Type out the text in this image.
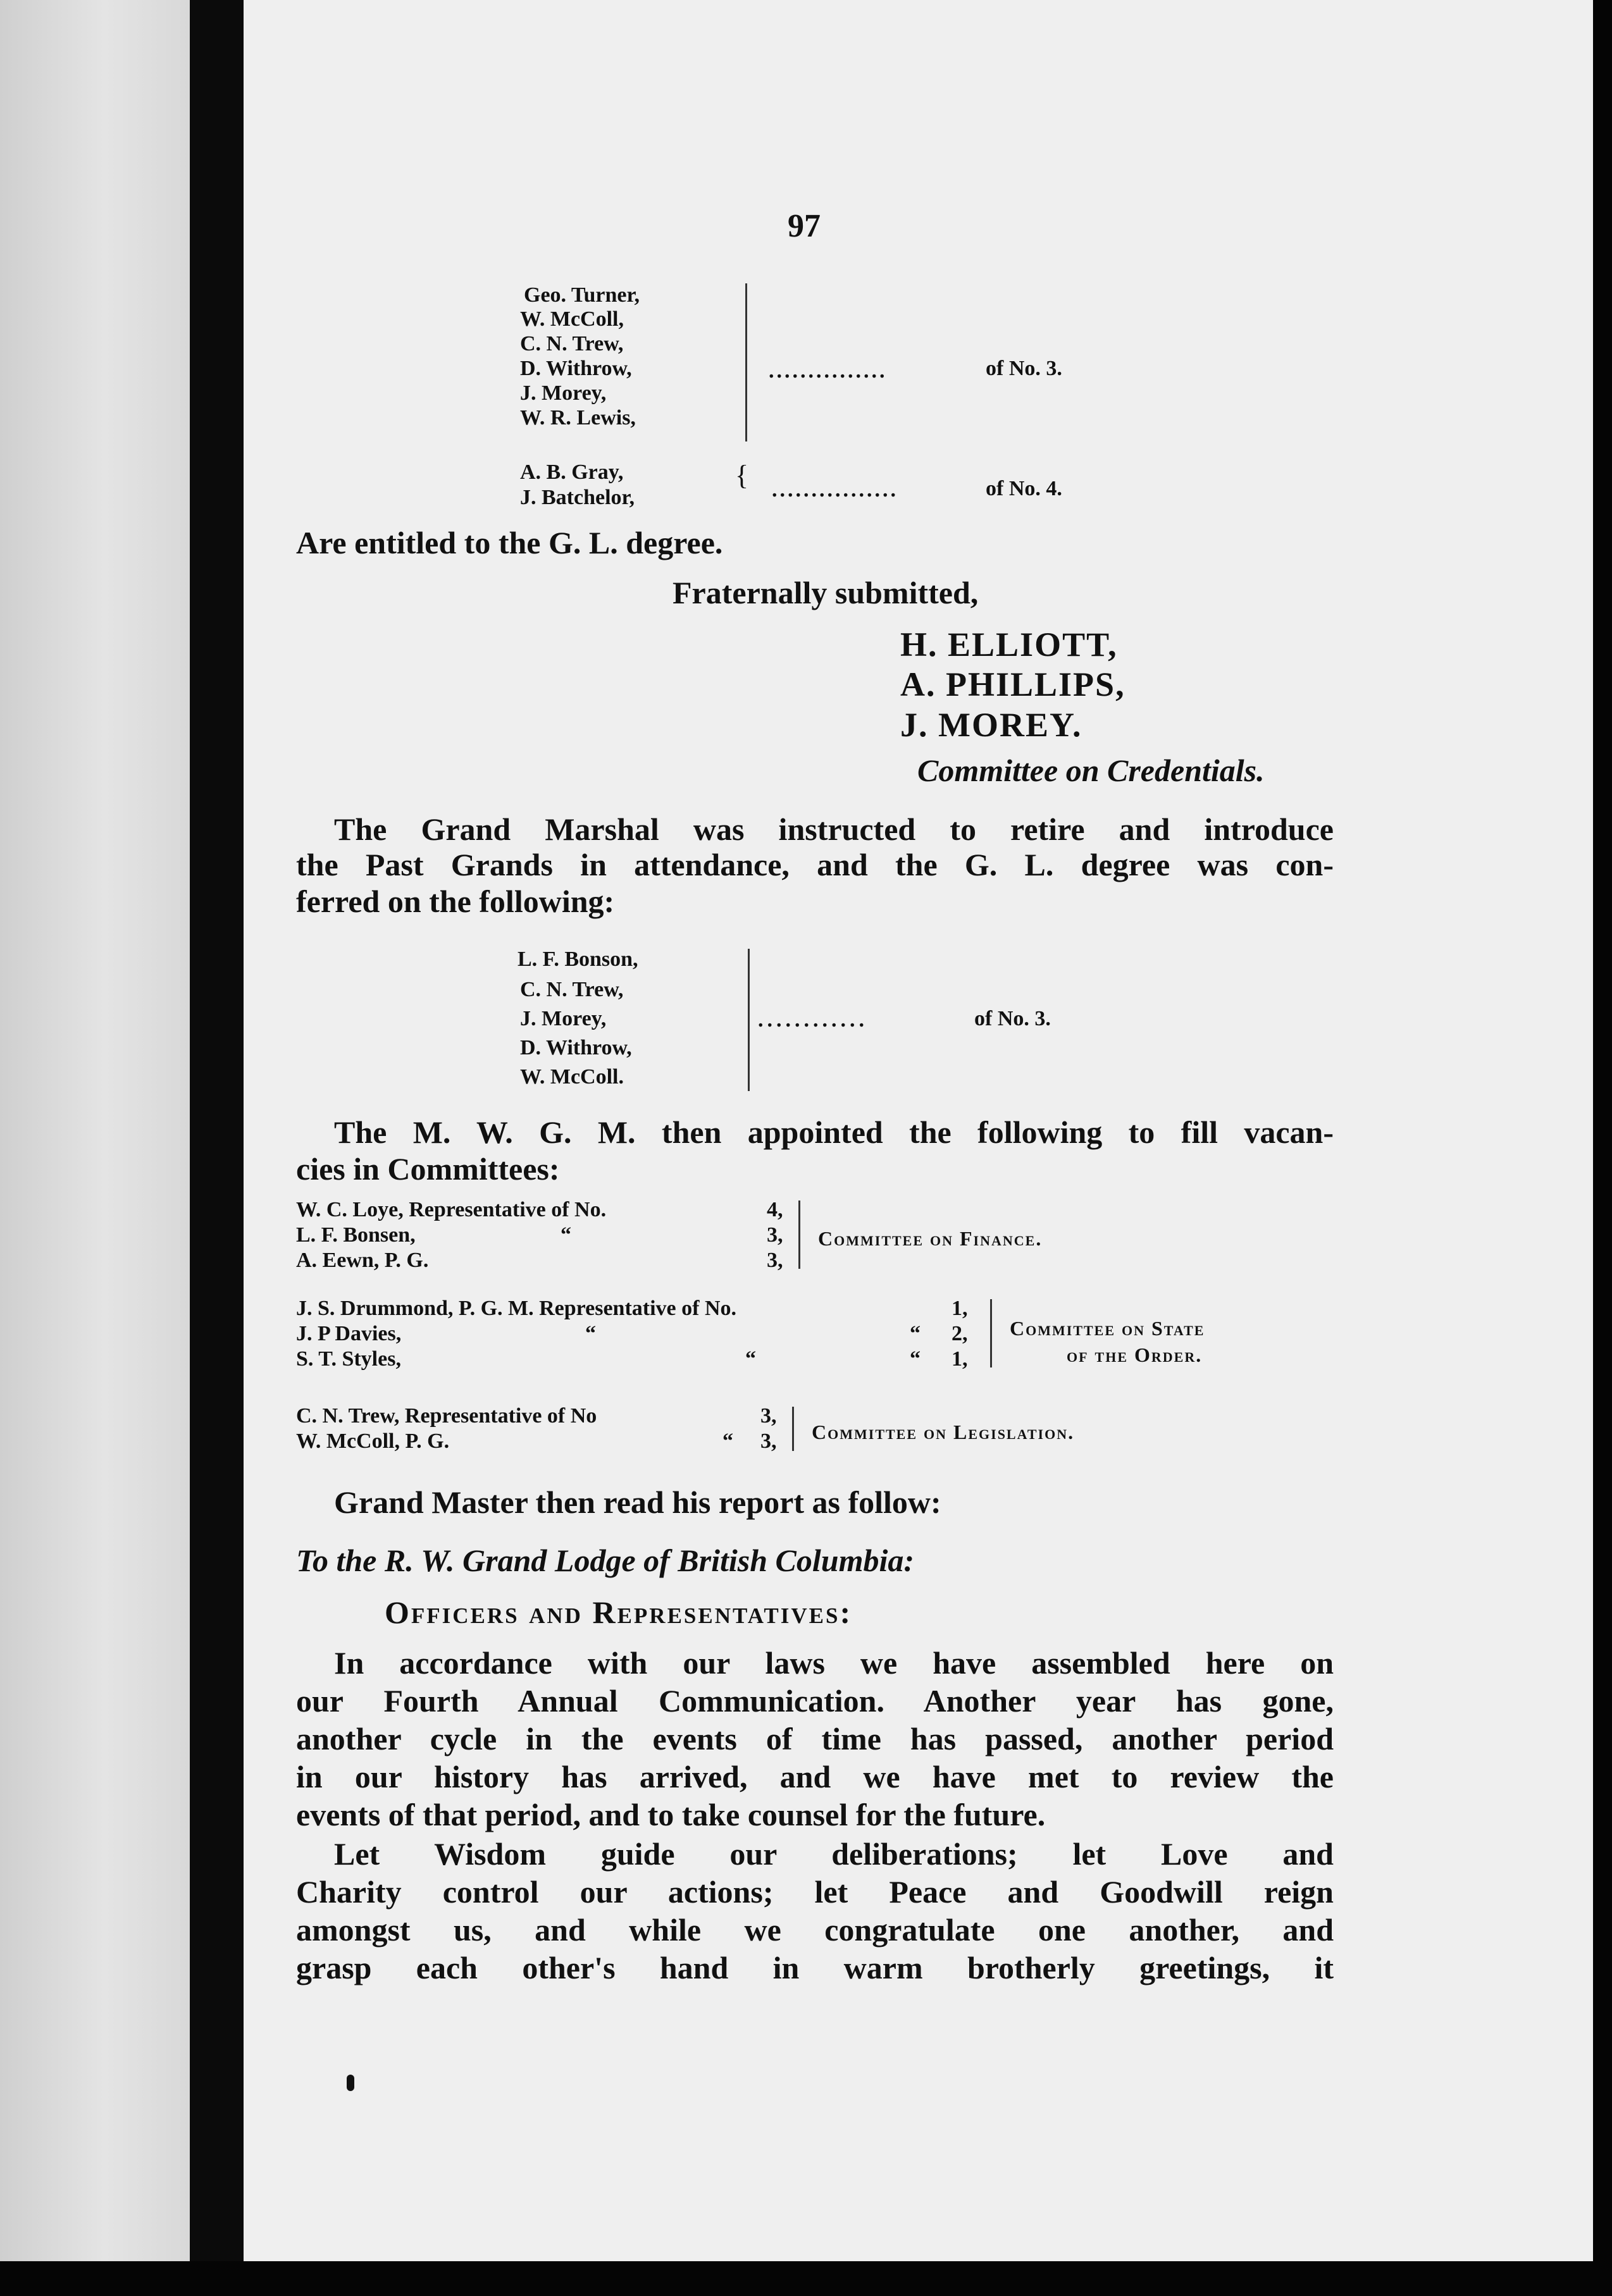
97
Geo. Turner,
W. McColl,
C. N. Trew,
D. Withrow,
J. Morey,
W. R. Lewis,
...............	of No. 3.
A. B. Gray,
J. Batchelor,
{ ................	of No. 4.
Are entitled to the G. L. degree.
Fraternally submitted,
H. ELLIOTT,
A. PHILLIPS,
J. MOREY.
Committee on Credentials.
The Grand Marshal was instructed to retire and introduce
the Past Grands in attendance, and the G. L. degree was con-
ferred on the following:
L. F. Bonson,
C. N. Trew,
J. Morey,
D. Withrow,
W. McColl.
............	of No. 3.
The M. W. G. M. then appointed the following to fill vacan-
cies in Committees:
W. C. Loye, Representative of No.	4,
L. F. Bonsen,	“	3,
A. Eewn, P. G.	3,
Committee on Finance.
J. S. Drummond, P. G. M. Representative of No.	1,
J. P Davies,	“	“ 2,
S. T. Styles,	“	“ 1,
Committee on State
of the Order.
C. N. Trew, Representative of No	3,
W. McColl, P. G.	“ 3, Committee on Legislation.
Grand Master then read his report as follow:
To the R. W. Grand Lodge of British Columbia:
Officers and Representatives:
In accordance with our laws we have assembled here on
our Fourth Annual Communication. Another year has gone,
another cycle in the events of time has passed, another period
in our history has arrived, and we have met to review the
events of that period, and to take counsel for the future.
Let Wisdom guide our deliberations; let Love and
Charity control our actions; let Peace and Goodwill reign
amongst us, and while we congratulate one another, and
grasp each other's hand in warm brotherly greetings, it
